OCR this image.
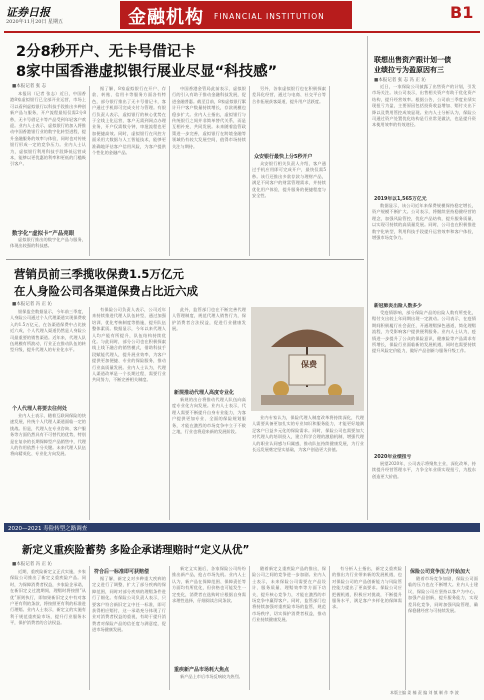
证券日报
2020年11月20日 星期五	金融机构 FINANCIAL INSTITUTION	B1
2分8秒开户、无卡号借记卡
8家中国香港虚拟银行展业尽显“科技感”
■本报记者 张 志

本报讯（记者 张志）近日，中国香港8家虚拟银行已全部开业运营，市场上可以看到虚拟银行以科技手段推出多种创新产品与服务，开户流程最短仅需2分8秒，无卡号借记卡等产品受到年轻客户欢迎。业内人士表示，虚拟银行的加入将推动中国香港银行业的数字化转型进程，提升金融服务的效率与体验，同时也对传统银行形成一定的竞争压力。业内人士认为，虚拟银行利用科技手段降低运营成本，能够以更优惠的利率和更低的门槛吸引客户。

数字化“虚拟卡”产品亮眼

虚拟银行推出的数字化产品与服务，体现出较强的科技感。

据了解，8家虚拟银行在开户、存款、转账、信用卡等服务方面各有特色，部分银行推出了无卡号借记卡，客户通过手机即可完成支付与管理。有银行负责人表示，虚拟银行的核心优势在于全线上化运营，客户无需到网点办理业务，开户仅需数分钟，审批流程也更加便捷高效。同时，虚拟银行在风控方面采用大数据与人工智能技术，能够更准确地评估客户信用风险，为客户提供个性化的金融产品。

中国香港金管局此前表示，虚拟银行的引入有助于推动金融科技发展，促进金融普惠。截至目前，8家虚拟银行累计开户客户数量持续增长，存款规模也稳步扩大。业内人士指出，虚拟银行与传统银行之间并非简单替代关系，而是互相补充、共同发展。未来随着监管政策进一步完善，虚拟银行在跨境金融等领域仍有较大发展空间，值得市场持续关注与期待。

另外，各家虚拟银行也在积极探索差异化经营，通过与电商、社交平台等合作拓展获客渠道，提升用户活跃度。

众安银行最快上分5秒开户

众安银行相关负责人介绍，客户通过手机应用即可完成开户，最快仅需5秒。该行还推出多款存款与理财产品，满足不同客户的财富管理需求，并持续优化用户体验，提升服务的便捷程度与安全性。

联想出售资产跟计划一债
业绩拉亏为盈原因有三
■本报记者 张 志 冯 正 沁

近日，一家保险公司披露了出售资产的计划，引发市场关注。该公司表示，出售相关资产有助于优化资产结构，提升经营效率。根据公告，公司前三季度业绩实现扭亏为盈，主要原因包括投资收益增加、赔付支出下降以及费用管控成效显现。业内人士分析认为，保险公司通过资产处置优化结构是行业常见做法，也是提升资本使用效率的有效途径。

2019年以1,565万亿元

数据显示，该公司近年来保费规模保持稳定增长，资产规模不断扩大。公司表示，将继续坚持稳健经营的理念，加强风险管控，优化产品结构，提升服务质量，以实现可持续的高质量发展。同时，公司也在积极推进数字化转型，利用科技手段提升运营效率和客户体验，增强市场竞争力。

新冠肺炎出险人数多少

受疫情影响，部分保险产品的出险人数有所变化，赔付支出较上年同期出现一定波动。公司表示，在疫情期间积极履行社会责任，开通理赔绿色通道，简化理赔流程，为受影响客户提供便利服务。业内人士认为，疫情进一步提升了公众的保险意识，健康险等产品需求有所增长，保险行业面临新的发展机遇，同时也需要持续提升风险定价能力，做好产品创新与服务升级工作。

2020年业绩扭亏

展望2020年，公司表示将聚焦主业，深化改革，持续提升经营管理水平，力争全年业绩实现扭亏，为股东创造更大价值。

营销员前三季揽收保费1.5万亿元
在人身险公司各渠道保费占比近六成
■本报记者 冯 正 沁

银保监会数据显示，今年前三季度，人身险公司通过个人代理渠道实现保费收入约1.5万亿元，在各渠道保费中占比接近六成，个人代理人渠道仍然是人身险公司最重要的销售渠道。近年来，代理人队伍规模有所波动，行业正在推动队伍的转型升级，提升代理人的专业化水平。

个人代理人将要去往何处

业内人士表示，随着互联网保险的快速发展，传统个人代理人渠道面临一定的挑战。但是，代理人在专业咨询、客户服务等方面仍然具有不可替代的优势，特别是在复杂的长期保障型产品销售中，代理人的作用依然十分关键。未来代理人队伍将向精英化、专业化方向发展。

有保险公司负责人表示，公司近年来持续推进代理人队伍转型，通过加强培训、优化考核制度等措施，提升队伍整体素质。数据显示，今年以来代理人人均产能有所提升，队伍结构持续优化。与此同时，部分公司也在积极探索线上线下融合的销售模式，借助科技手段赋能代理人，提升展业效率，为客户提供更加便捷、专业的保险服务，推动行业高质量发展。业内人士认为，代理人渠道改革是一个长期过程，需要行业共同努力，不断完善相关制度。

此外，监管部门也在不断完善代理人管理制度，规范代理人销售行为，保护消费者合法权益，促进行业健康发展。

新规推动代理人高度专业化

新规的出台将推动代理人队伍向高度专业化方向发展。业内人士表示，代理人需要不断提升自身专业能力，为客户提供更加专业、全面的保险规划服务，才能在激烈的市场竞争中立于不败之地，行业也将迎来新的发展阶段。

保费

业内专家认为，保险代理人制度改革将持续深化，代理人需要具备更加扎实的专业知识和服务能力，才能更好地满足客户日益多元化的保险需求。同时，保险公司也需要加大对代理人的培训投入，建立科学合理的激励机制，增强代理人的职业认同感与归属感，推动队伍持续健康发展，为行业长远发展奠定坚实基础，为客户创造更大价值。

2020—2021 寿险转型之路调查
新定义重疾险蓄势 多险企承诺理赔时“定义从优”
■本报记者 冯 正 沁

近期，重疾险新定义正式实施，多家保险公司推出了新定义重疾险产品。同时，为保障消费者权益，多家险企承诺，在新旧定义过渡期间，理赔时将按照“从优”原则执行，即如果新旧定义中有对客户更有利的条款，将按照更有利的标准进行理赔。业内人士表示，新定义的实施有利于规范重疾险市场，提升行业服务水平，保护消费者的合法权益。

符合后一标准即可获赔偿

据了解，新定义对多种重大疾病的定义进行了调整，扩大了部分疾病的保障范围，同时对部分疾病的理赔条件进行了细化。有保险公司负责人表示，只要客户符合新旧定义中任一标准，即可获得相应赔付，这一承诺充分体现了行业对消费者权益的重视，有助于提升消费者对保险产品的信任度与满意度，促进市场健康发展。

新定义实施后，各家保险公司纷纷推出新产品，抢占市场先机。业内人士认为，新产品在保障范围、保障责任等方面均有所优化，但价格也可能发生一定变化，消费者在选购时应根据自身需求理性选择，仔细阅读合同条款。

重疾新产品市场耗大焦点

新产品上市后市场反响较为热烈。

随着新定义重疾险产品的推出，保险公司之间的竞争进一步加剧。业内人士表示，未来保险公司需要在产品设计、服务质量、理赔效率等方面下功夫，提升核心竞争力，才能在激烈的市场竞争中赢得客户。同时，监管部门也将持续加强对重疾险市场的监管，规范市场秩序，切实保护消费者权益，推动行业持续健康发展。

有分析人士指出，新定义重疾险的推出为行业带来新的发展机遇，也对保险公司的产品创新能力与风险管控能力提出了更高要求。保险公司应把握机遇，积极应对挑战，不断提升服务水平，满足客户多样化的保障需求。

保险公司竞争压力开始加大

随着市场竞争加剧，保险公司面临的压力也在不断增大。业内人士建议，保险公司应坚持以客户为中心，加强产品创新，提升服务能力，实现差异化竞争，同时加强风险管理，确保稳健经营与可持续发展。

本版主编 姜 楠 责 编 刘 慎 制 作 李 波
